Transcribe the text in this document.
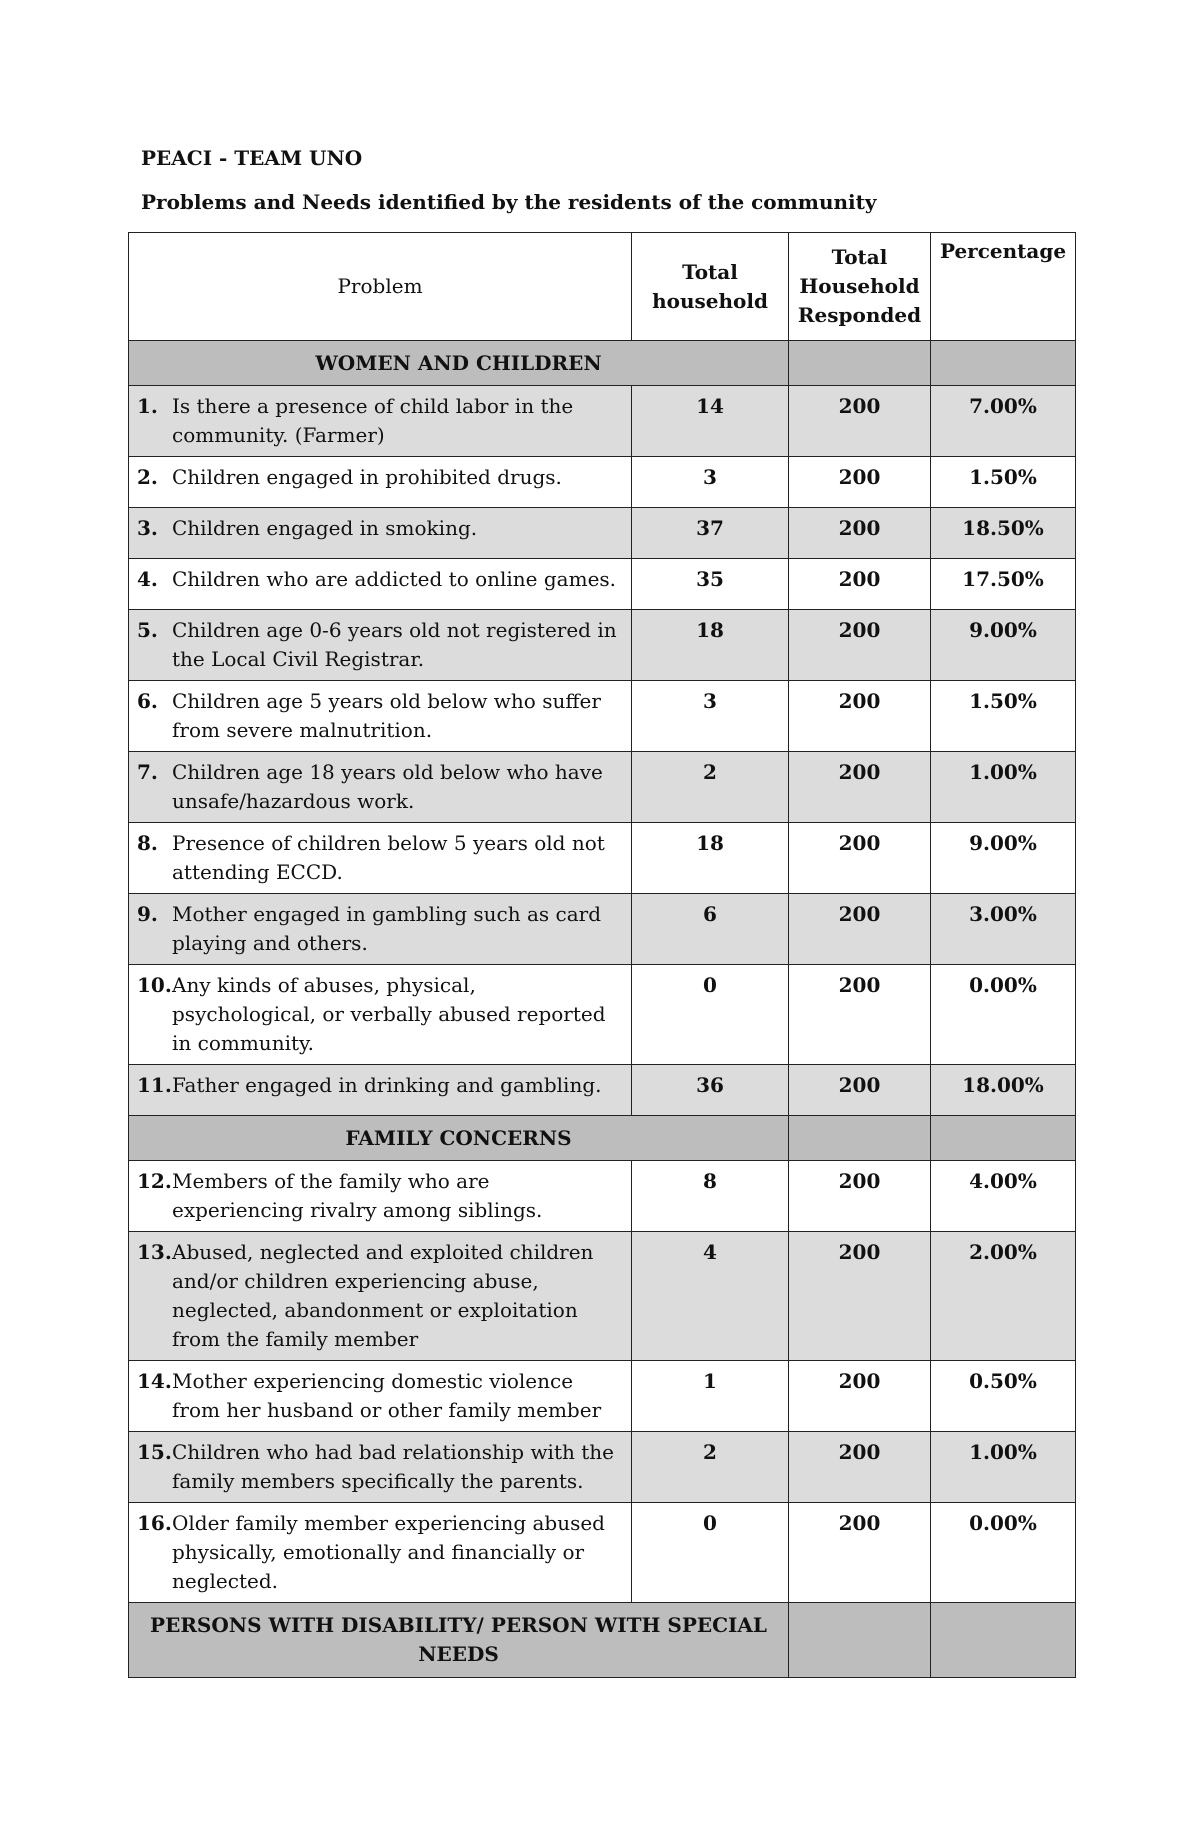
PEACI - TEAM UNO
Problems and Needs identified by the residents of the community
Problem	Total household	Total Household Responded	Percentage
WOMEN AND CHILDREN			

1. Is there a presence of child labor in the community. (Farmer)	14	200	7.00%

2. Children engaged in prohibited drugs.	3	200	1.50%

3. Children engaged in smoking.	37	200	18.50%

4. Children who are addicted to online games.	35	200	17.50%

5. Children age 0-6 years old not registered in the Local Civil Registrar.	18	200	9.00%

6. Children age 5 years old below who suffer from severe malnutrition.	3	200	1.50%

7. Children age 18 years old below who have unsafe/hazardous work.	2	200	1.00%

8. Presence of children below 5 years old not attending ECCD.	18	200	9.00%

9. Mother engaged in gambling such as card playing and others.	6	200	3.00%

10. Any kinds of abuses, physical, psychological, or verbally abused reported in community.	0	200	0.00%

11. Father engaged in drinking and gambling.	36	200	18.00%
FAMILY CONCERNS			

12. Members of the family who are experiencing rivalry among siblings.	8	200	4.00%

13. Abused, neglected and exploited children and/or children experiencing abuse, neglected, abandonment or exploitation from the family member	4	200	2.00%

14. Mother experiencing domestic violence from her husband or other family member	1	200	0.50%

15. Children who had bad relationship with the family members specifically the parents.	2	200	1.00%

16. Older family member experiencing abused physically, emotionally and financially or neglected.	0	200	0.00%
PERSONS WITH DISABILITY/ PERSON WITH SPECIAL NEEDS			
